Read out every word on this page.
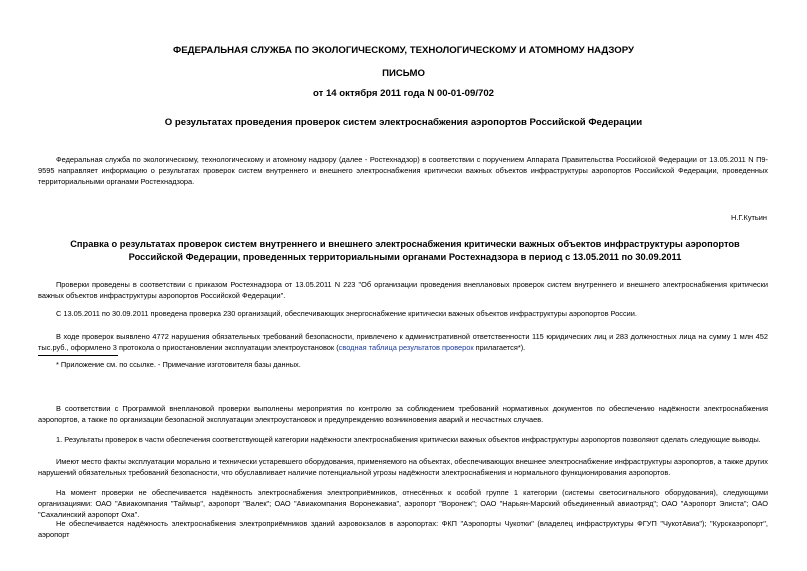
ФЕДЕРАЛЬНАЯ СЛУЖБА ПО ЭКОЛОГИЧЕСКОМУ, ТЕХНОЛОГИЧЕСКОМУ И АТОМНОМУ НАДЗОРУ
ПИСЬМО
от 14 октября 2011 года N 00-01-09/702
О результатах проведения проверок систем электроснабжения аэропортов Российской Федерации

Федеральная служба по экологическому, технологическому и атомному надзору (далее - Ростехнадзор) в соответствии с поручением Аппарата Правительства Российской Федерации от 13.05.2011 N П9-9595 направляет информацию о результатах проверок систем внутреннего и внешнего электроснабжения критически важных объектов инфраструктуры аэропортов Российской Федерации, проведенных территориальными органами Ростехнадзора.

Н.Г.Кутьин
Справка о результатах проверок систем внутреннего и внешнего электроснабжения критически важных объектов инфраструктуры аэропортов Российской Федерации, проведенных территориальными органами Ростехнадзора в период с 13.05.2011 по 30.09.2011

Проверки проведены в соответствии с приказом Ростехнадзора от 13.05.2011 N 223 "Об организации проведения внеплановых проверок систем внутреннего и внешнего электроснабжения критически важных объектов инфраструктуры аэропортов Российской Федерации".

С 13.05.2011 по 30.09.2011 проведена проверка 230 организаций, обеспечивающих энергоснабжение критически важных объектов инфраструктуры аэропортов России.

В ходе проверок выявлено 4772 нарушения обязательных требований безопасности, привлечено к административной ответственности 115 юридических лиц и 283 должностных лица на сумму 1 млн 452 тыс.руб., оформлено 3 протокола о приостановлении эксплуатации электроустановок (сводная таблица результатов проверок прилагается*).

* Приложение см. по ссылке. - Примечание изготовителя базы данных.

В соответствии с Программой внеплановой проверки выполнены мероприятия по контролю за соблюдением требований нормативных документов по обеспечению надёжности электроснабжения аэропортов, а также по организации безопасной эксплуатации электроустановок и предупреждению возникновения аварий и несчастных случаев.

1. Результаты проверок в части обеспечения соответствующей категории надёжности электроснабжения критически важных объектов инфраструктуры аэропортов позволяют сделать следующие выводы.

Имеют место факты эксплуатации морально и технически устаревшего оборудования, применяемого на объектах, обеспечивающих внешнее электроснабжение инфраструктуры аэропортов, а также других нарушений обязательных требований безопасности, что обуславливает наличие потенциальной угрозы надёжности электроснабжения и нормального функционирования аэропортов.

На момент проверки не обеспечивается надёжность электроснабжения электроприёмников, отнесённых к особой группе 1 категории (системы светосигнального оборудования), следующими организациями: ОАО "Авиакомпания "Таймыр", аэропорт "Валек"; ОАО "Авиакомпания Воронежавиа", аэропорт "Воронеж"; ОАО "Нарьян-Марский объединенный авиаотряд"; ОАО "Аэропорт Элиста"; ОАО "Сахалинский аэропорт Оха".

Не обеспечивается надёжность электроснабжения электроприёмников зданий аэровокзалов в аэропортах: ФКП "Аэропорты Чукотки" (владелец инфраструктуры ФГУП "ЧукотАвиа"); "Курскаэропорт", аэропорт
